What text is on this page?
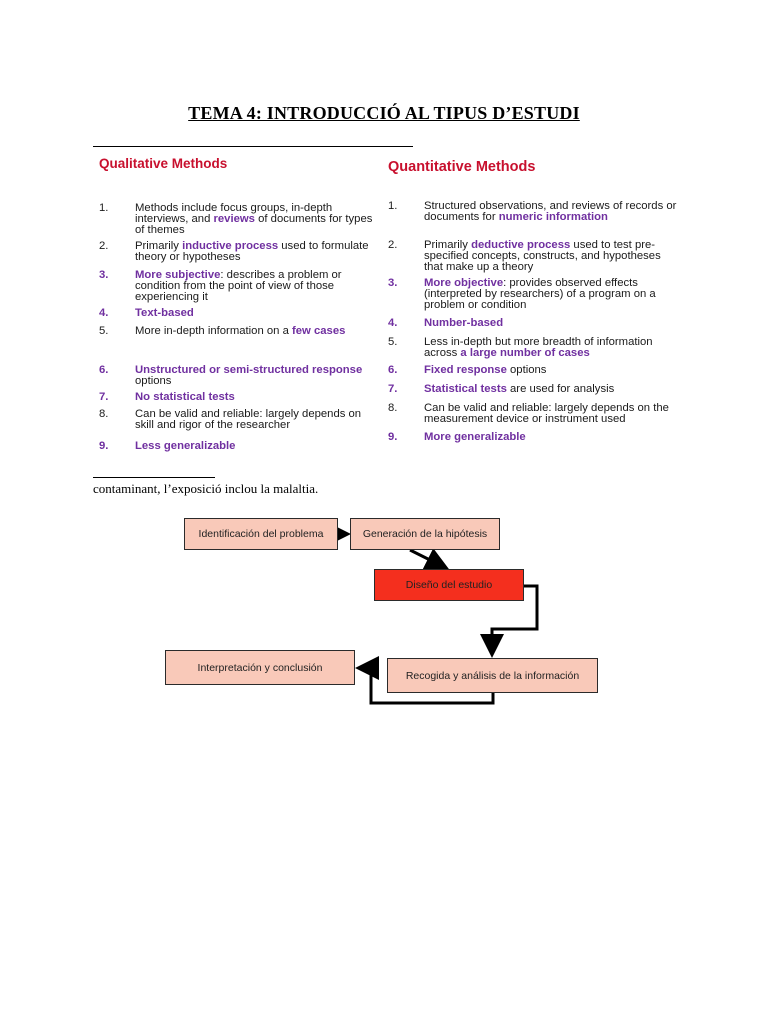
TEMA 4: INTRODUCCIÓ AL TIPUS D’ESTUDI
Qualitative Methods
1. Methods include focus groups, in-depth interviews, and reviews of documents for types of themes
2. Primarily inductive process used to formulate theory or hypotheses
3. More subjective: describes a problem or condition from the point of view of those experiencing it
4. Text-based
5. More in-depth information on a few cases
6. Unstructured or semi-structured response options
7. No statistical tests
8. Can be valid and reliable: largely depends on skill and rigor of the researcher
9. Less generalizable
Quantitative Methods
1. Structured observations, and reviews of records or documents for numeric information
2. Primarily deductive process used to test pre-specified concepts, constructs, and hypotheses that make up a theory
3. More objective: provides observed effects (interpreted by researchers) of a program on a problem or condition
4. Number-based
5. Less in-depth but more breadth of information across a large number of cases
6. Fixed response options
7. Statistical tests are used for analysis
8. Can be valid and reliable: largely depends on the measurement device or instrument used
9. More generalizable
contaminant, l’exposició inclou la malaltia.
Identificación del problema	Generación de la hipótesis
Diseño del estudio
Recogida y análisis de la información
Interpretación y conclusión
